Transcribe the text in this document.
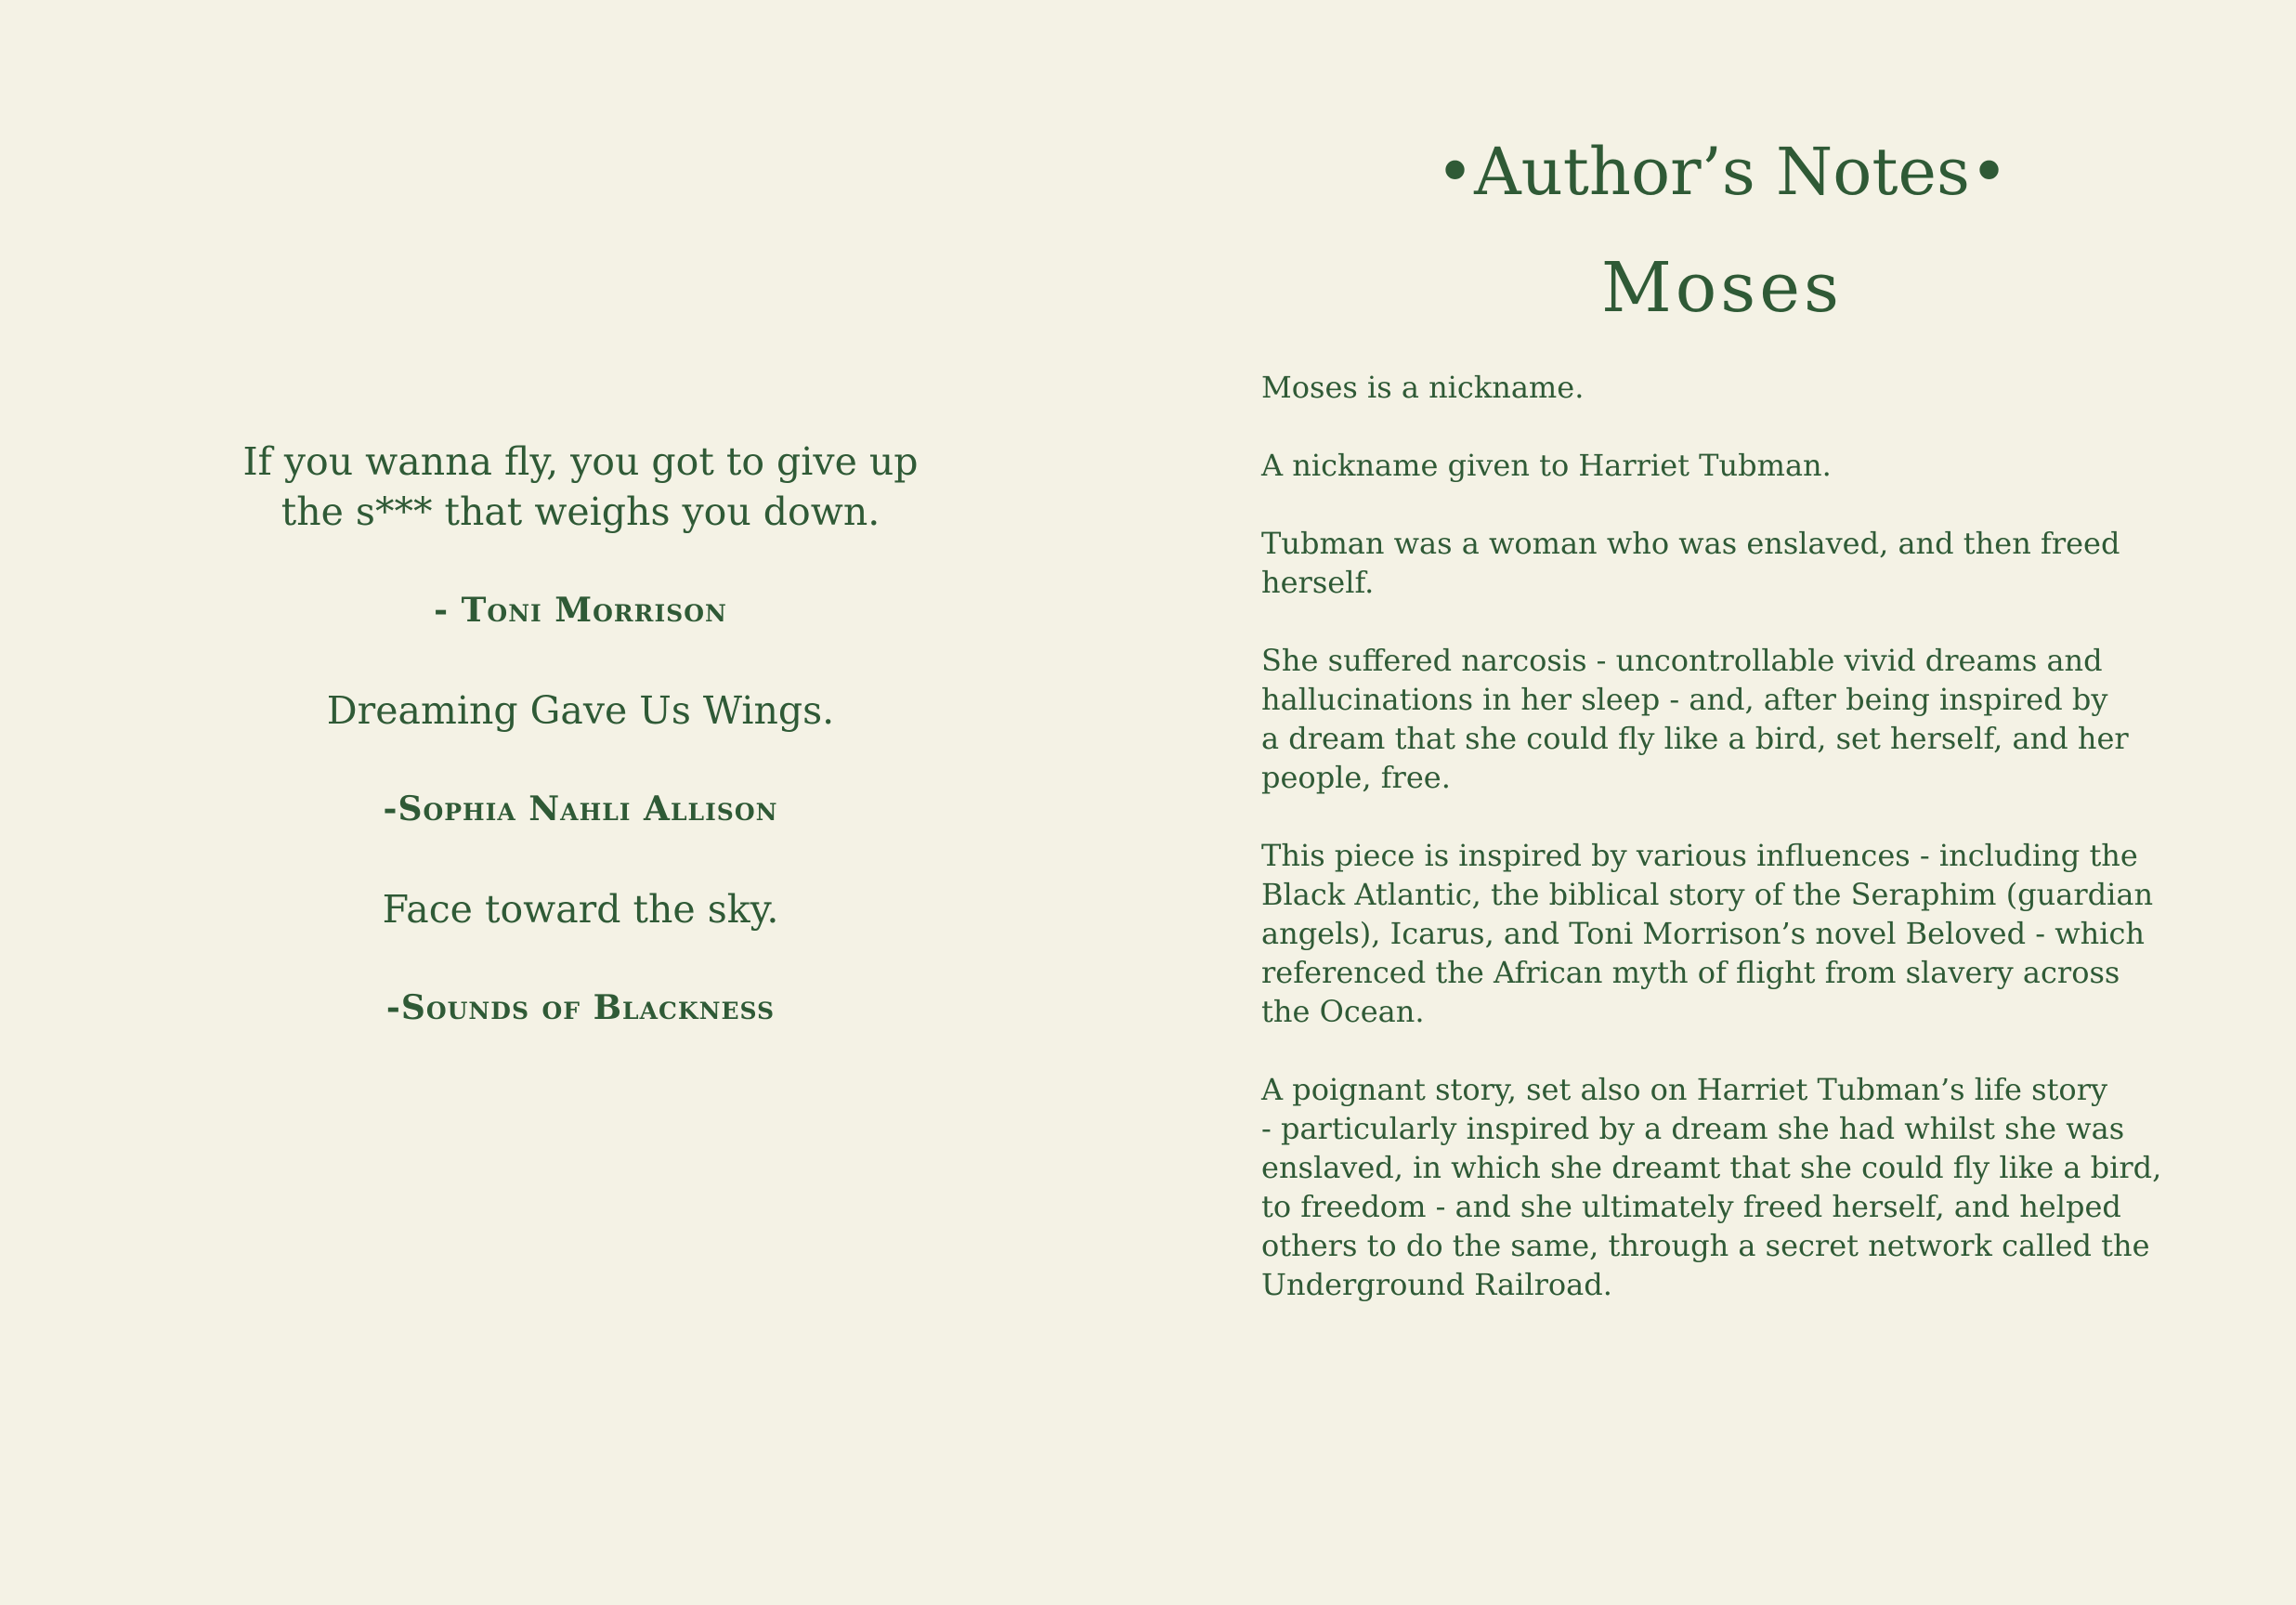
If you wanna fly, you got to give up
the s*** that weighs you down.

- Toni Morrison

Dreaming Gave Us Wings.

-Sophia Nahli Allison

Face toward the sky.

-Sounds of Blackness

•Author’s Notes•
Moses

Moses is a nickname.

A nickname given to Harriet Tubman.

Tubman was a woman who was enslaved, and then freed
herself.

She suffered narcosis - uncontrollable vivid dreams and
hallucinations in her sleep - and, after being inspired by
a dream that she could fly like a bird, set herself, and her
people, free.

This piece is inspired by various influences - including the
Black Atlantic, the biblical story of the Seraphim (guardian
angels), Icarus, and Toni Morrison’s novel Beloved - which
referenced the African myth of flight from slavery across
the Ocean.

A poignant story, set also on Harriet Tubman’s life story
- particularly inspired by a dream she had whilst she was
enslaved, in which she dreamt that she could fly like a bird,
to freedom - and she ultimately freed herself, and helped
others to do the same, through a secret network called the
Underground Railroad.
